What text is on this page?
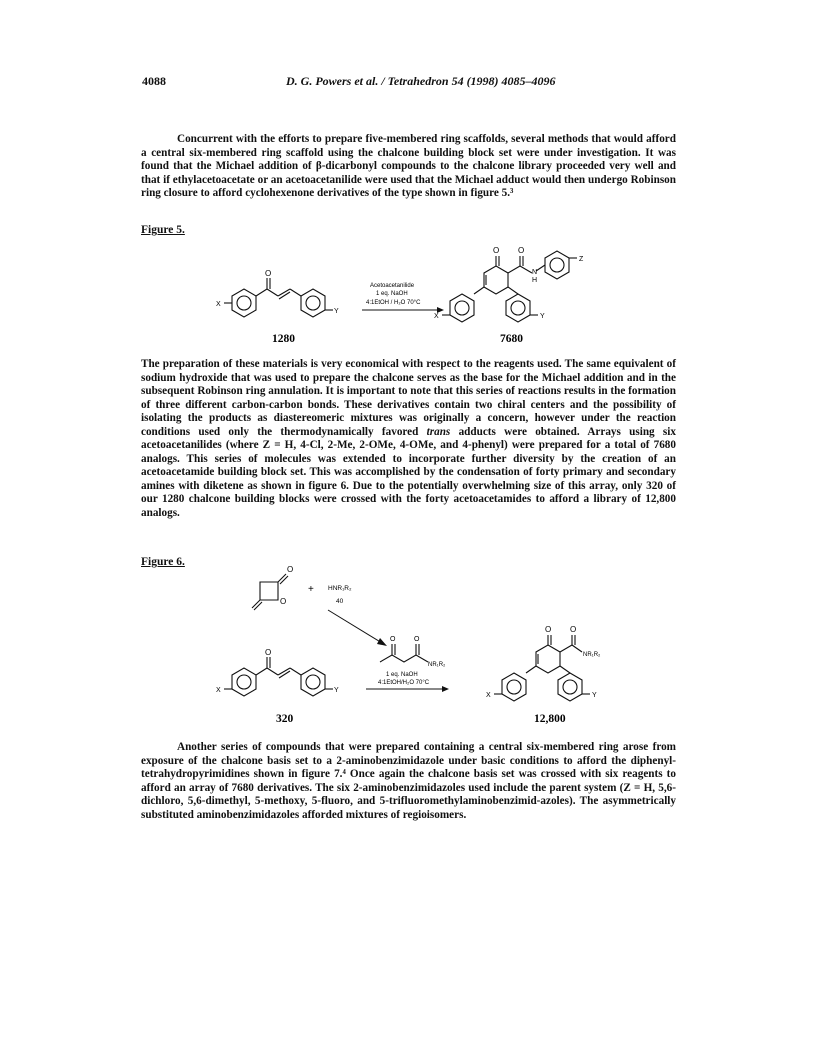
4088	D. G. Powers et al. / Tetrahedron 54 (1998) 4085–4096
Concurrent with the efforts to prepare five-membered ring scaffolds, several methods that would afford a central six-membered ring scaffold using the chalcone building block set were under investigation. It was found that the Michael addition of β-dicarbonyl compounds to the chalcone library proceeded very well and that if ethylacetoacetate or an acetoacetanilide were used that the Michael adduct would then undergo Robinson ring closure to afford cyclohexenone derivatives of the type shown in figure 5.³
Figure 5.
O
X
Y
Acetoacetanilide
1 eq. NaOH
4:1EtOH / H₂O 70°C
O O
N
H
X	Y
Z
1280	7680
The preparation of these materials is very economical with respect to the reagents used. The same equivalent of sodium hydroxide that was used to prepare the chalcone serves as the base for the Michael addition and in the subsequent Robinson ring annulation. It is important to note that this series of reactions results in the formation of three different carbon-carbon bonds. These derivatives contain two chiral centers and the possibility of isolating the products as diastereomeric mixtures was originally a concern, however under the reaction conditions used only the thermodynamically favored trans adducts were obtained. Arrays using six acetoacetanilides (where Z = H, 4-Cl, 2-Me, 2-OMe, 4-OMe, and 4-phenyl) were prepared for a total of 7680 analogs. This series of molecules was extended to incorporate further diversity by the creation of an acetoacetamide building block set. This was accomplished by the condensation of forty primary and secondary amines with diketene as shown in figure 6. Due to the potentially overwhelming size of this array, only 320 of our 1280 chalcone building blocks were crossed with the forty acetoacetamides to afford a library of 12,800 analogs.
Figure 6.
O
O
+ HNR₁R₂
40
O	O
NR₁R₂
1 eq. NaOH
4:1EtOH/H₂O 70°C
O
X	Y
O O
NR₁R₂
X	Y
320	12,800
Another series of compounds that were prepared containing a central six-membered ring arose from exposure of the chalcone basis set to a 2-aminobenzimidazole under basic conditions to afford the diphenyl-tetrahydropyrimidines shown in figure 7.⁴ Once again the chalcone basis set was crossed with six reagents to afford an array of 7680 derivatives. The six 2-aminobenzimidazoles used include the parent system (Z = H, 5,6-dichloro, 5,6-dimethyl, 5-methoxy, 5-fluoro, and 5-trifluoromethylaminobenzimid-azoles). The asymmetrically substituted aminobenzimidazoles afforded mixtures of regioisomers.
